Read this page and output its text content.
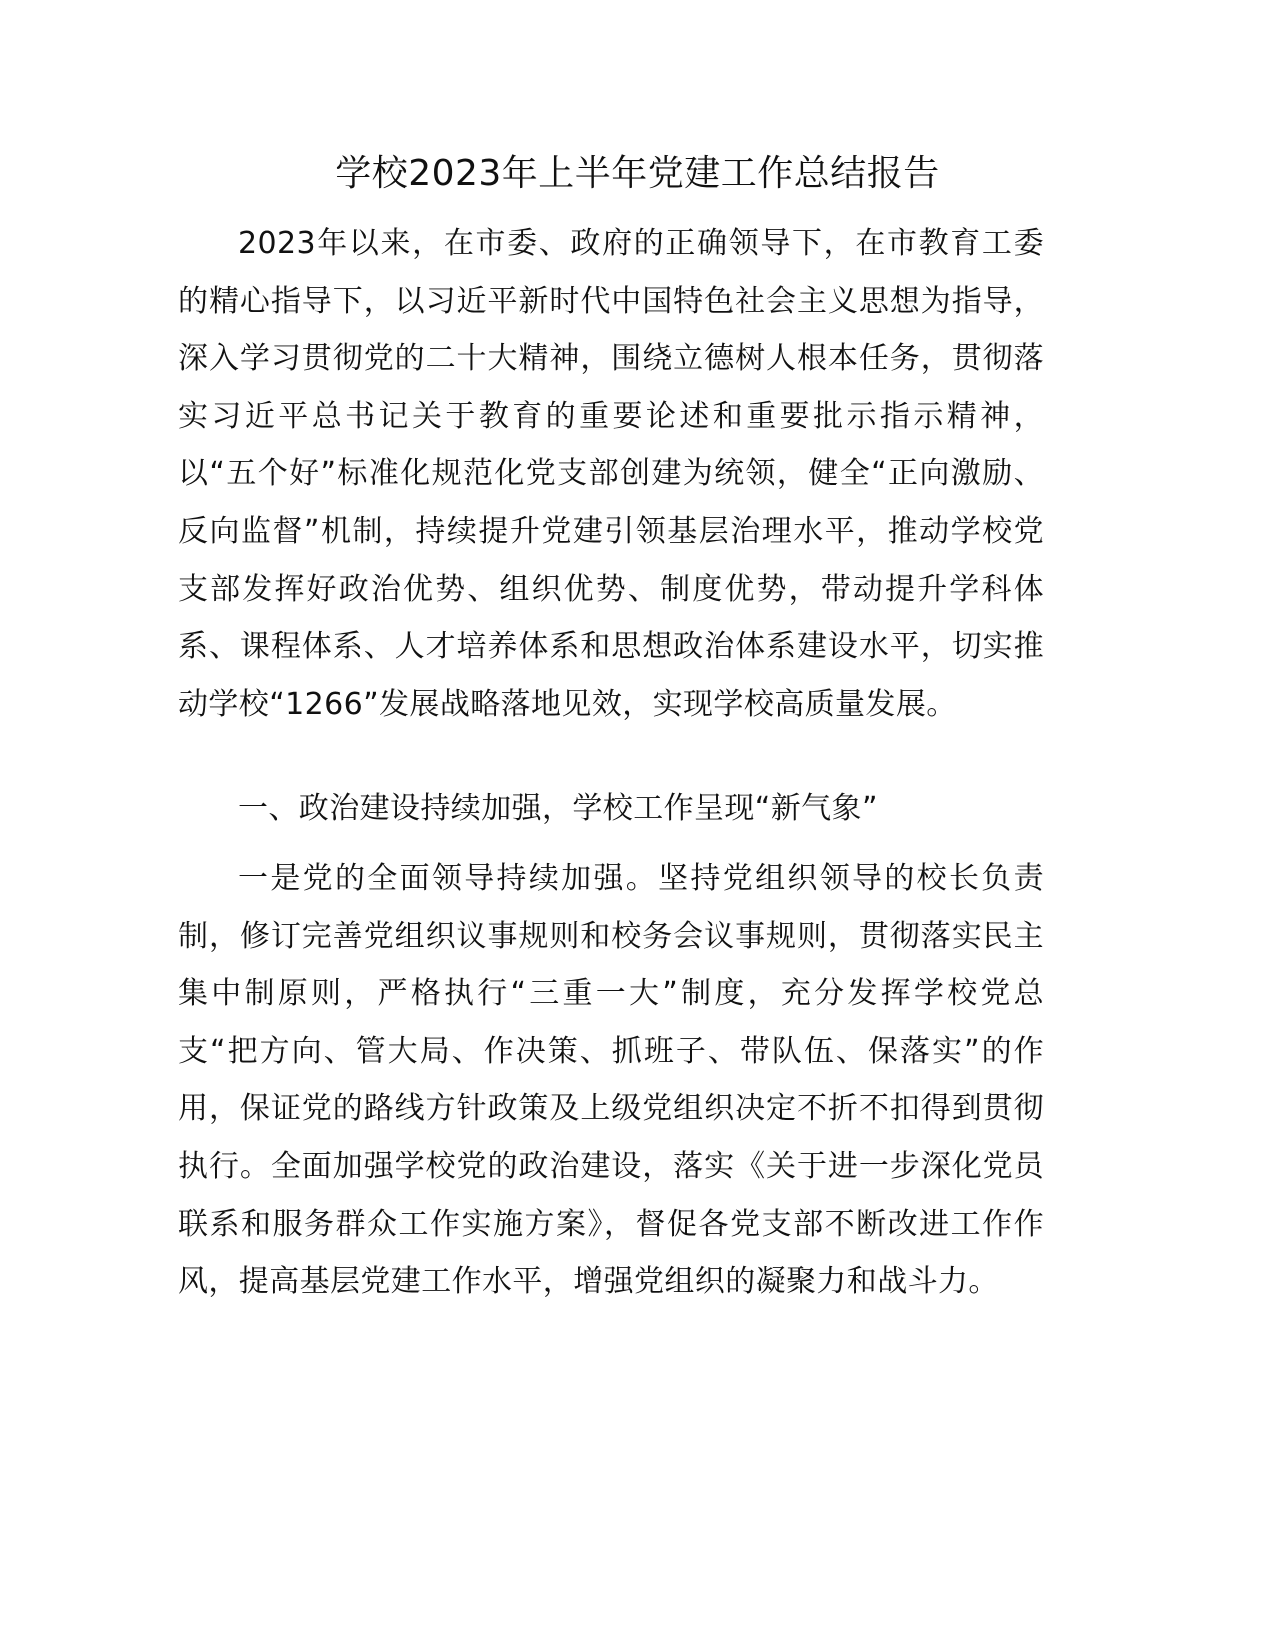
学校2023年上半年党建工作总结报告

2023年以来，在市委、政府的正确领导下，在市教育工委的精心指导下，以习近平新时代中国特色社会主义思想为指导，深入学习贯彻党的二十大精神，围绕立德树人根本任务，贯彻落实习近平总书记关于教育的重要论述和重要批示指示精神，以“五个好”标准化规范化党支部创建为统领，健全“正向激励、反向监督”机制，持续提升党建引领基层治理水平，推动学校党支部发挥好政治优势、组织优势、制度优势，带动提升学科体系、课程体系、人才培养体系和思想政治体系建设水平，切实推动学校“1266”发展战略落地见效，实现学校高质量发展。

一、政治建设持续加强，学校工作呈现“新气象”

一是党的全面领导持续加强。坚持党组织领导的校长负责制，修订完善党组织议事规则和校务会议事规则，贯彻落实民主集中制原则，严格执行“三重一大”制度，充分发挥学校党总支“把方向、管大局、作决策、抓班子、带队伍、保落实”的作用，保证党的路线方针政策及上级党组织决定不折不扣得到贯彻执行。全面加强学校党的政治建设，落实《关于进一步深化党员联系和服务群众工作实施方案》，督促各党支部不断改进工作作风，提高基层党建工作水平，增强党组织的凝聚力和战斗力。
